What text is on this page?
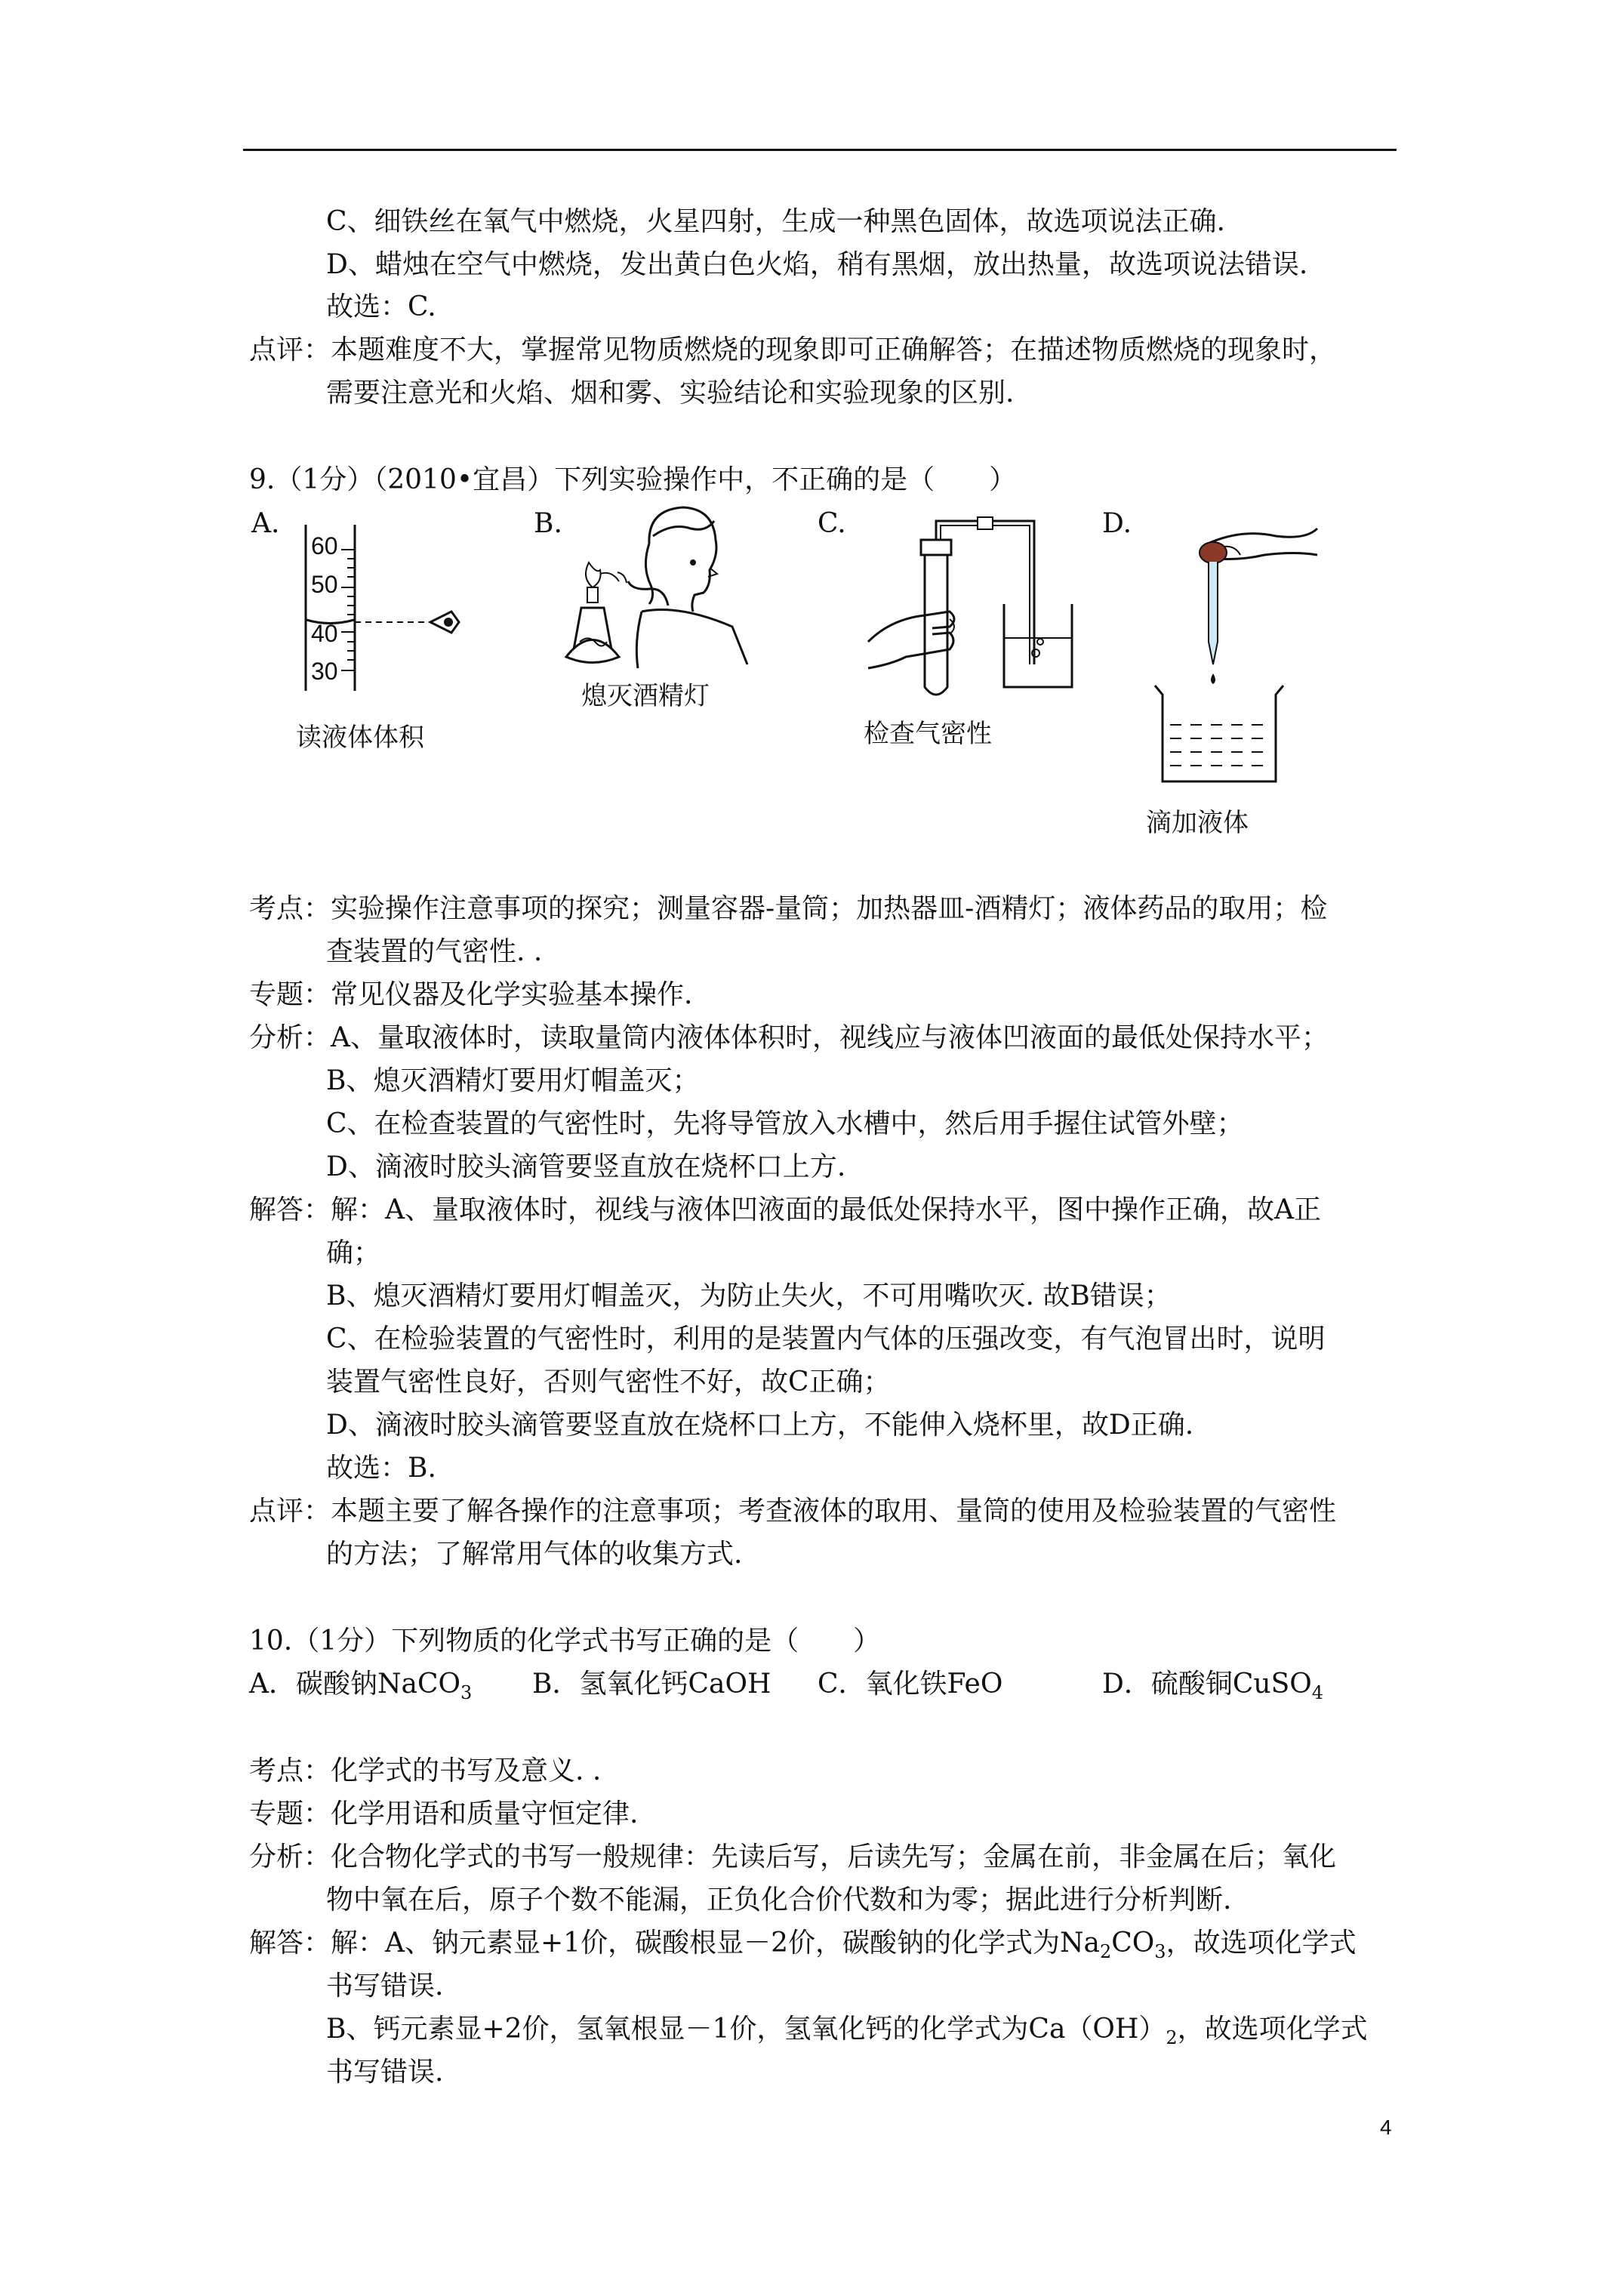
C、细铁丝在氧气中燃烧，火星四射，生成一种黑色固体，故选项说法正确.
D、蜡烛在空气中燃烧，发出黄白色火焰，稍有黑烟，放出热量，故选项说法错误.
故选：C.
点评：本题难度不大，掌握常见物质燃烧的现象即可正确解答；在描述物质燃烧的现象时，
需要注意光和火焰、烟和雾、实验结论和实验现象的区别.
9.（1分）（2010•宜昌）下列实验操作中，不正确的是（　　）
A.	B.	C.	D.
60
50
40
30
读液体体积
熄灭酒精灯
检查气密性
滴加液体
考点：实验操作注意事项的探究；测量容器-量筒；加热器皿-酒精灯；液体药品的取用；检
查装置的气密性. .
专题：常见仪器及化学实验基本操作.
分析：A、量取液体时，读取量筒内液体体积时，视线应与液体凹液面的最低处保持水平；
B、熄灭酒精灯要用灯帽盖灭；
C、在检查装置的气密性时，先将导管放入水槽中，然后用手握住试管外壁；
D、滴液时胶头滴管要竖直放在烧杯口上方.
解答：解：A、量取液体时，视线与液体凹液面的最低处保持水平，图中操作正确，故A正
确；
B、熄灭酒精灯要用灯帽盖灭，为防止失火，不可用嘴吹灭. 故B错误；
C、在检验装置的气密性时，利用的是装置内气体的压强改变，有气泡冒出时，说明
装置气密性良好，否则气密性不好，故C正确；
D、滴液时胶头滴管要竖直放在烧杯口上方，不能伸入烧杯里，故D正确.
故选：B.
点评：本题主要了解各操作的注意事项；考查液体的取用、量筒的使用及检验装置的气密性
的方法；了解常用气体的收集方式.
10.（1分）下列物质的化学式书写正确的是（　　）
A．碳酸钠NaCO$_3$ B．氢氧化钙CaOH C．氧化铁FeO	D．硫酸铜CuSO$_4$
考点：化学式的书写及意义. .
专题：化学用语和质量守恒定律.
分析：化合物化学式的书写一般规律：先读后写，后读先写；金属在前，非金属在后；氧化
物中氧在后，原子个数不能漏，正负化合价代数和为零；据此进行分析判断.
解答：解：A、钠元素显+1价，碳酸根显－2价，碳酸钠的化学式为$Na_2CO_3$，故选项化学式
书写错误.
B、钙元素显+2价，氢氧根显－1价，氢氧化钙的化学式为$Ca(OH)_2$，故选项化学式
书写错误.
4
